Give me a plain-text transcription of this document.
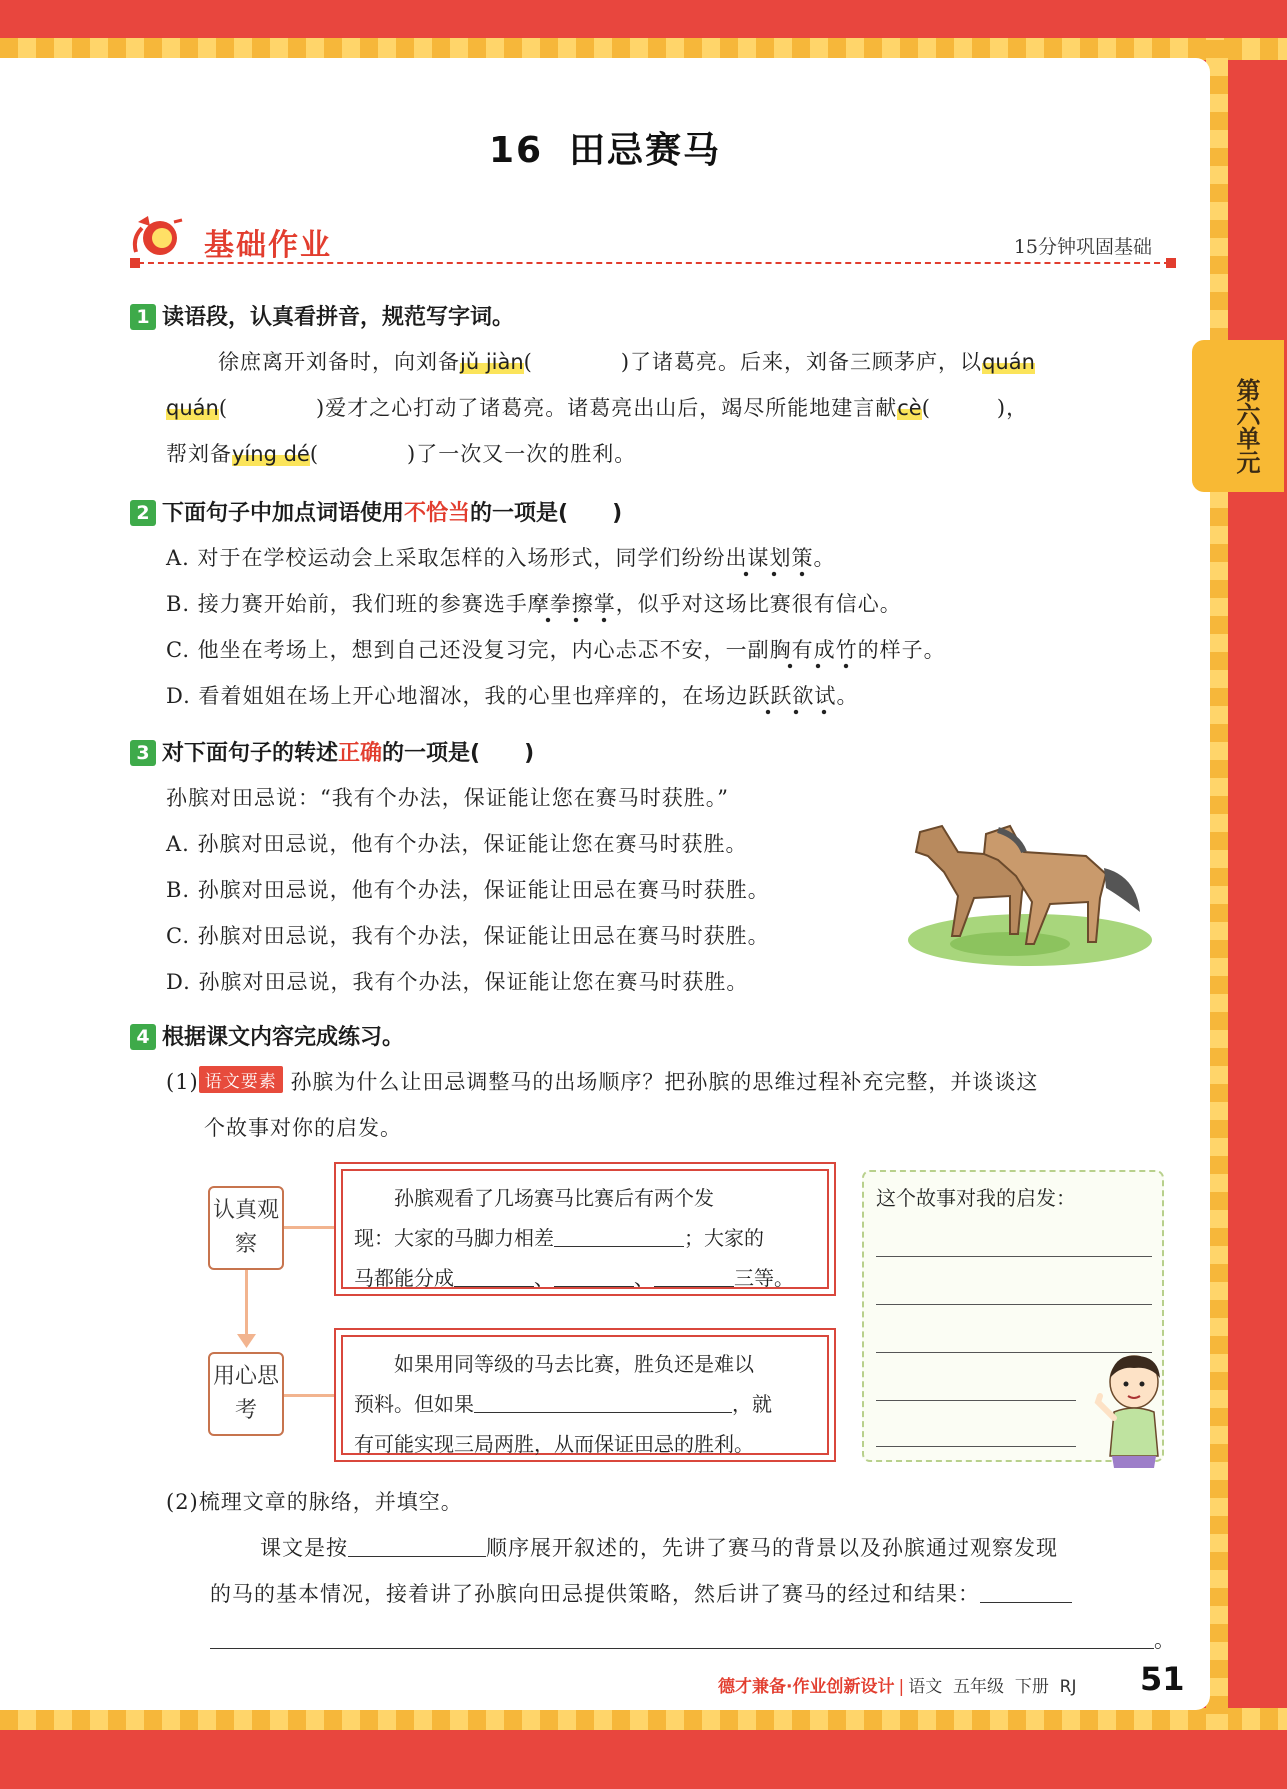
第六单元
16 田忌赛马
基础作业	15分钟巩固基础
1 读语段，认真看拼音，规范写字词。
徐庶离开刘备时，向刘备jǔ jiàn(　　　　)了诸葛亮。后来，刘备三顾茅庐，以quán
quán(　　　　)爱才之心打动了诸葛亮。诸葛亮出山后，竭尽所能地建言献cè(　　　)，
帮刘备yíng dé(　　　　)了一次又一次的胜利。
2 下面句子中加点词语使用不恰当的一项是(　　)
A. 对于在学校运动会上采取怎样的入场形式，同学们纷纷出谋划策。
B. 接力赛开始前，我们班的参赛选手摩拳擦掌，似乎对这场比赛很有信心。
C. 他坐在考场上，想到自己还没复习完，内心忐忑不安，一副胸有成竹的样子。
D. 看着姐姐在场上开心地溜冰，我的心里也痒痒的，在场边跃跃欲试。
3 对下面句子的转述正确的一项是(　　)
孙膑对田忌说：“我有个办法，保证能让您在赛马时获胜。”
A. 孙膑对田忌说，他有个办法，保证能让您在赛马时获胜。
B. 孙膑对田忌说，他有个办法，保证能让田忌在赛马时获胜。
C. 孙膑对田忌说，我有个办法，保证能让田忌在赛马时获胜。
D. 孙膑对田忌说，我有个办法，保证能让您在赛马时获胜。
4 根据课文内容完成练习。
(1) 语文要素 孙膑为什么让田忌调整马的出场顺序？把孙膑的思维过程补充完整，并谈谈这
个故事对你的启发。
认真观察
用心思考
孙膑观看了几场赛马比赛后有两个发
现：大家的马脚力相差	；大家的
马都能分成	、	、	三等。
如果用同等级的马去比赛，胜负还是难以
预料。但如果	，就
有可能实现三局两胜，从而保证田忌的胜利。
这个故事对我的启发：
(2)梳理文章的脉络，并填空。
课文是按	顺序展开叙述的，先讲了赛马的背景以及孙膑通过观察发现
的马的基本情况，接着讲了孙膑向田忌提供策略，然后讲了赛马的经过和结果：
。
德才兼备·作业创新设计 | 语文 五年级 下册 RJ 51
